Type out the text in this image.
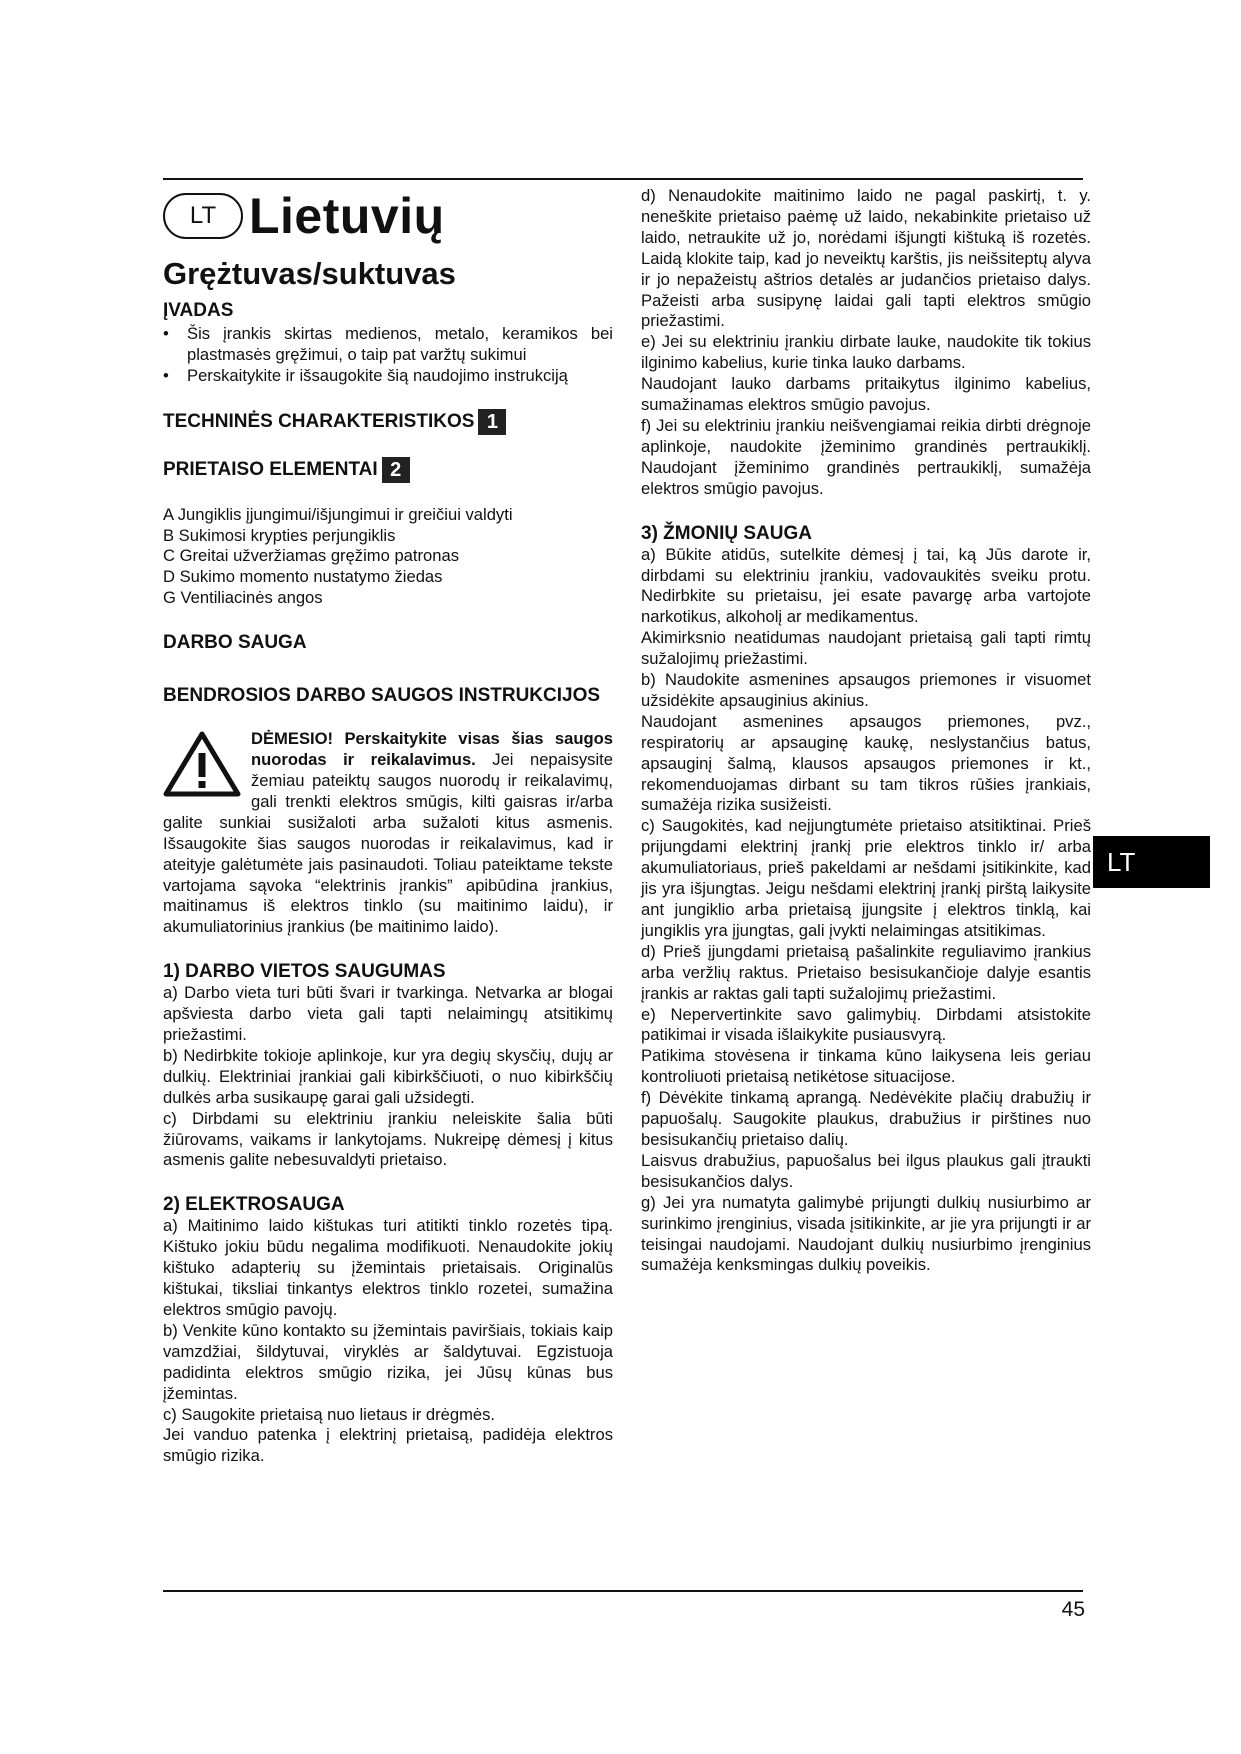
LT Lietuvių
Grężtuvas/suktuvas

ĮVADAS

•	Šis įrankis skirtas medienos, metalo, keramikos bei plastmasės gręžimui, o taip pat varžtų sukimui
•	Perskaitykite ir išsaugokite šią naudojimo instrukciją

TECHNINĖS CHARAKTERISTIKOS 1

PRIETAISO ELEMENTAI 2

A Jungiklis įjungimui/išjungimui ir greičiui valdyti

B Sukimosi krypties perjungiklis

C Greitai užveržiamas gręžimo patronas

D Sukimo momento nustatymo žiedas

G Ventiliacinės angos

DARBO SAUGA

BENDROSIOS DARBO SAUGOS INSTRUKCIJOS

DĖMESIO! Perskaitykite visas šias saugos nuorodas ir reikalavimus. Jei nepaisysite žemiau pateiktų saugos nuorodų ir reikalavimų, gali trenkti elektros smūgis, kilti gaisras ir/arba galite sunkiai susižaloti arba sužaloti kitus asmenis. Išsaugokite šias saugos nuorodas ir reikalavimus, kad ir ateityje galėtumėte jais pasinaudoti. Toliau pateiktame tekste vartojama sąvoka “elektrinis įrankis” apibūdina įrankius, maitinamus iš elektros tinklo (su maitinimo laidu), ir akumuliatorinius įrankius (be maitinimo laido).

1) DARBO VIETOS SAUGUMAS

a) Darbo vieta turi būti švari ir tvarkinga. Netvarka ar blogai apšviesta darbo vieta gali tapti nelaimingų atsitikimų priežastimi.

b) Nedirbkite tokioje aplinkoje, kur yra degių skysčių, dujų ar dulkių. Elektriniai įrankiai gali kibirkščiuoti, o nuo kibirkščių dulkės arba susikaupę garai gali užsidegti.

c) Dirbdami su elektriniu įrankiu neleiskite šalia būti žiūrovams, vaikams ir lankytojams. Nukreipę dėmesį į kitus asmenis galite nebesuvaldyti prietaiso.

2) ELEKTROSAUGA

a) Maitinimo laido kištukas turi atitikti tinklo rozetės tipą. Kištuko jokiu būdu negalima modifikuoti. Nenaudokite jokių kištuko adapterių su įžemintais prietaisais. Originalūs kištukai, tiksliai tinkantys elektros tinklo rozetei, sumažina elektros smūgio pavojų.

b) Venkite kūno kontakto su įžemintais paviršiais, tokiais kaip vamzdžiai, šildytuvai, viryklės ar šaldytuvai. Egzistuoja padidinta elektros smūgio rizika, jei Jūsų kūnas bus įžemintas.

c) Saugokite prietaisą nuo lietaus ir drėgmės.

Jei vanduo patenka į elektrinį prietaisą, padidėja elektros smūgio rizika.

d) Nenaudokite maitinimo laido ne pagal paskirtį, t. y. neneškite prietaiso paėmę už laido, nekabinkite prietaiso už laido, netraukite už jo, norėdami išjungti kištuką iš rozetės. Laidą klokite taip, kad jo neveiktų karštis, jis neišsiteptų alyva ir jo nepažeistų aštrios detalės ar judančios prietaiso dalys. Pažeisti arba susipynę laidai gali tapti elektros smūgio priežastimi.

e) Jei su elektriniu įrankiu dirbate lauke, naudokite tik tokius ilginimo kabelius, kurie tinka lauko darbams.

Naudojant lauko darbams pritaikytus ilginimo kabelius, sumažinamas elektros smūgio pavojus.

f) Jei su elektriniu įrankiu neišvengiamai reikia dirbti drėgnoje aplinkoje, naudokite įžeminimo grandinės pertraukiklį. Naudojant įžeminimo grandinės pertraukiklį, sumažėja elektros smūgio pavojus.

3) ŽMONIŲ SAUGA

a) Būkite atidūs, sutelkite dėmesį į tai, ką Jūs darote ir, dirbdami su elektriniu įrankiu, vadovaukitės sveiku protu. Nedirbkite su prietaisu, jei esate pavargę arba vartojote narkotikus, alkoholį ar medikamentus.

Akimirksnio neatidumas naudojant prietaisą gali tapti rimtų sužalojimų priežastimi.

b) Naudokite asmenines apsaugos priemones ir visuomet užsidėkite apsauginius akinius.

Naudojant asmenines apsaugos priemones, pvz., respiratorių ar apsauginę kaukę, neslystančius batus, apsauginį šalmą, klausos apsaugos priemones ir kt., rekomenduojamas dirbant su tam tikros rūšies įrankiais, sumažėja rizika susižeisti.

c) Saugokitės, kad neįjungtumėte prietaiso atsitiktinai. Prieš prijungdami elektrinį įrankį prie elektros tinklo ir/ arba akumuliatoriaus, prieš pakeldami ar nešdami įsitikinkite, kad jis yra išjungtas. Jeigu nešdami elektrinį įrankį pirštą laikysite ant jungiklio arba prietaisą įjungsite į elektros tinklą, kai jungiklis yra įjungtas, gali įvykti nelaimingas atsitikimas.

d) Prieš įjungdami prietaisą pašalinkite reguliavimo įrankius arba veržlių raktus. Prietaiso besisukančioje dalyje esantis įrankis ar raktas gali tapti sužalojimų priežastimi.

e) Nepervertinkite savo galimybių. Dirbdami atsistokite patikimai ir visada išlaikykite pusiausvyrą.

Patikima stovėsena ir tinkama kūno laikysena leis geriau kontroliuoti prietaisą netikėtose situacijose.

f) Dėvėkite tinkamą aprangą. Nedėvėkite plačių drabužių ir papuošalų. Saugokite plaukus, drabužius ir pirštines nuo besisukančių prietaiso dalių.

Laisvus drabužius, papuošalus bei ilgus plaukus gali įtraukti besisukančios dalys.

g) Jei yra numatyta galimybė prijungti dulkių nusiurbimo ar surinkimo įrenginius, visada įsitikinkite, ar jie yra prijungti ir ar teisingai naudojami. Naudojant dulkių nusiurbimo įrenginius sumažėja kenksmingas dulkių poveikis.

LT
45
